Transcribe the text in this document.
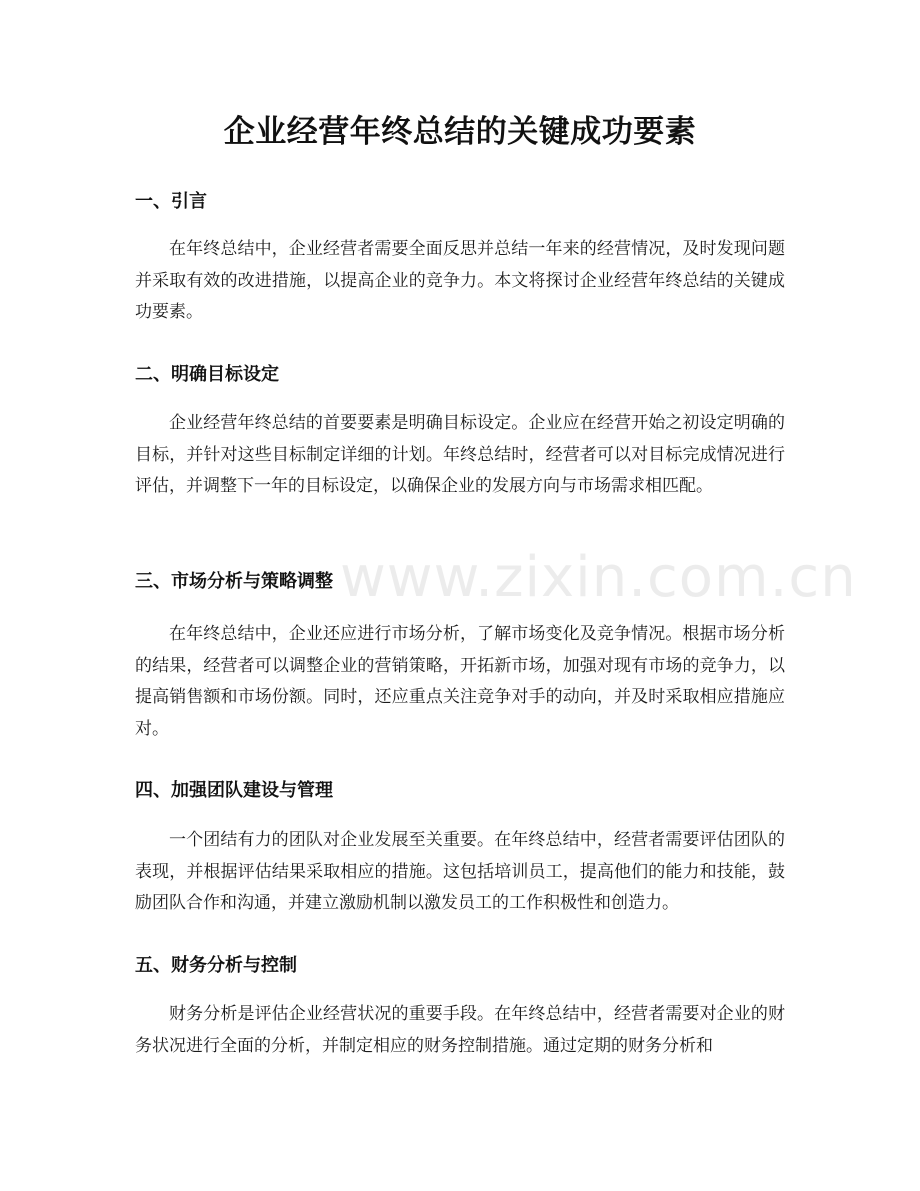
企业经营年终总结的关键成功要素
www.zixin.com.cn
一、引言

在年终总结中，企业经营者需要全面反思并总结一年来的经营情况，及时发现问题并采取有效的改进措施，以提高企业的竞争力。本文将探讨企业经营年终总结的关键成功要素。

二、明确目标设定

企业经营年终总结的首要要素是明确目标设定。企业应在经营开始之初设定明确的目标，并针对这些目标制定详细的计划。年终总结时，经营者可以对目标完成情况进行评估，并调整下一年的目标设定，以确保企业的发展方向与市场需求相匹配。

三、市场分析与策略调整

在年终总结中，企业还应进行市场分析，了解市场变化及竞争情况。根据市场分析的结果，经营者可以调整企业的营销策略，开拓新市场，加强对现有市场的竞争力，以提高销售额和市场份额。同时，还应重点关注竞争对手的动向，并及时采取相应措施应对。

四、加强团队建设与管理

一个团结有力的团队对企业发展至关重要。在年终总结中，经营者需要评估团队的表现，并根据评估结果采取相应的措施。这包括培训员工，提高他们的能力和技能，鼓励团队合作和沟通，并建立激励机制以激发员工的工作积极性和创造力。

五、财务分析与控制

财务分析是评估企业经营状况的重要手段。在年终总结中，经营者需要对企业的财务状况进行全面的分析，并制定相应的财务控制措施。通过定期的财务分析和
